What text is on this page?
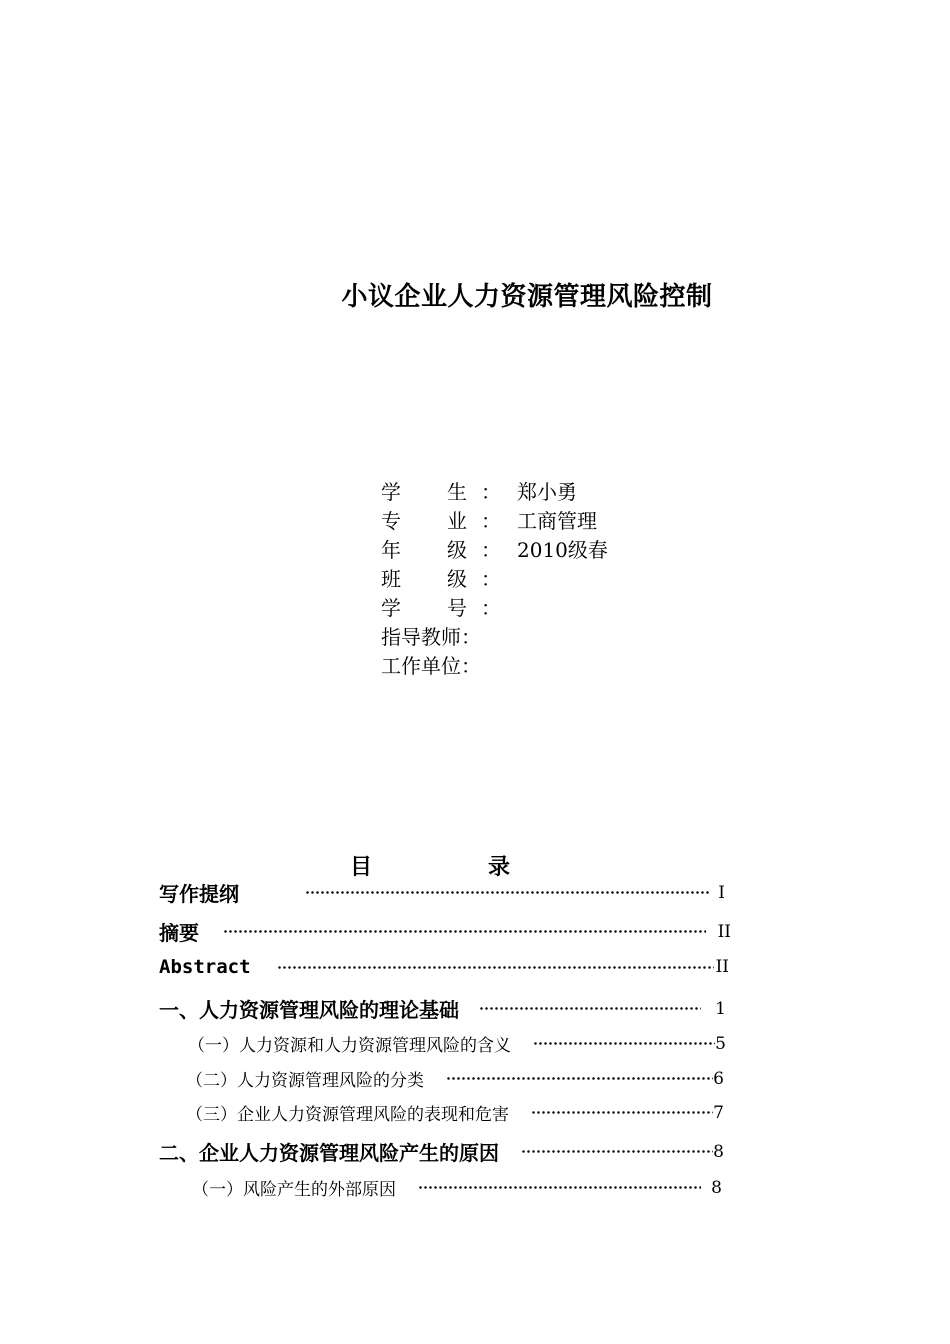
小议企业人力资源管理风险控制
学 生 ： 郑小勇
专 业 ： 工商管理
年 级 ： 2010级春
班 级 ：
学 号 ：
指导教师：
工作单位：
目	录
写作提纲	I
摘要	II
Abstract	II
一、人力资源管理风险的理论基础	1
（一）人力资源和人力资源管理风险的含义	5
（二）人力资源管理风险的分类	6
（三）企业人力资源管理风险的表现和危害	7
二、企业人力资源管理风险产生的原因	8
（一）风险产生的外部原因	8
